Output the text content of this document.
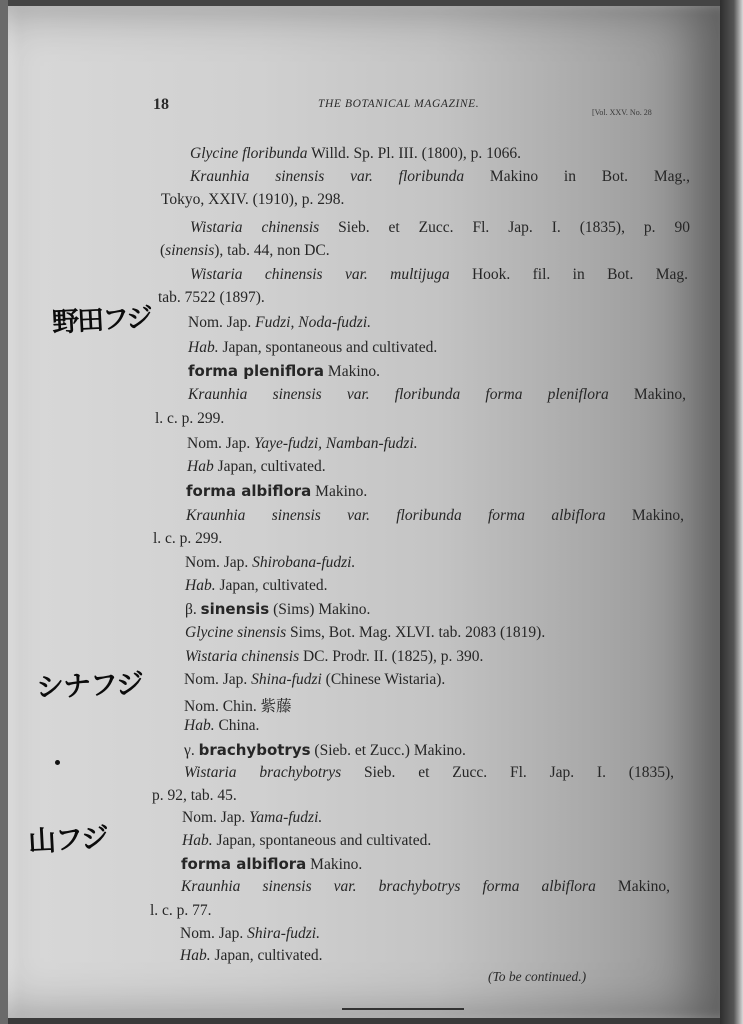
18	THE BOTANICAL MAGAZINE.
[Vol. XXV. No. 28
野田フジ
シナフジ
山フジ
Glycine floribunda Willd. Sp. Pl. III. (1800), p. 1066.
Kraunhia sinensis var. floribunda Makino in Bot. Mag.,
Tokyo, XXIV. (1910), p. 298.
Wistaria chinensis Sieb. et Zucc. Fl. Jap. I. (1835), p. 90
(sinensis), tab. 44, non DC.
Wistaria chinensis var. multijuga Hook. fil. in Bot. Mag.
tab. 7522 (1897).
Nom. Jap. Fudzi, Noda-fudzi.
Hab. Japan, spontaneous and cultivated.
forma pleniflora Makino.
Kraunhia sinensis var. floribunda forma pleniflora Makino,
l. c. p. 299.
Nom. Jap. Yaye-fudzi, Namban-fudzi.
Hab Japan, cultivated.
forma albiflora Makino.
Kraunhia sinensis var. floribunda forma albiflora Makino,
l. c. p. 299.
Nom. Jap. Shirobana-fudzi.
Hab. Japan, cultivated.
β. sinensis (Sims) Makino.
Glycine sinensis Sims, Bot. Mag. XLVI. tab. 2083 (1819).
Wistaria chinensis DC. Prodr. II. (1825), p. 390.
Nom. Jap. Shina-fudzi (Chinese Wistaria).
Nom. Chin. 紫藤
Hab. China.
γ. brachybotrys (Sieb. et Zucc.) Makino.
Wistaria brachybotrys Sieb. et Zucc. Fl. Jap. I. (1835),
p. 92, tab. 45.
Nom. Jap. Yama-fudzi.
Hab. Japan, spontaneous and cultivated.
forma albiflora Makino.
Kraunhia sinensis var. brachybotrys forma albiflora Makino,
l. c. p. 77.
Nom. Jap. Shira-fudzi.
Hab. Japan, cultivated.
(To be continued.)
